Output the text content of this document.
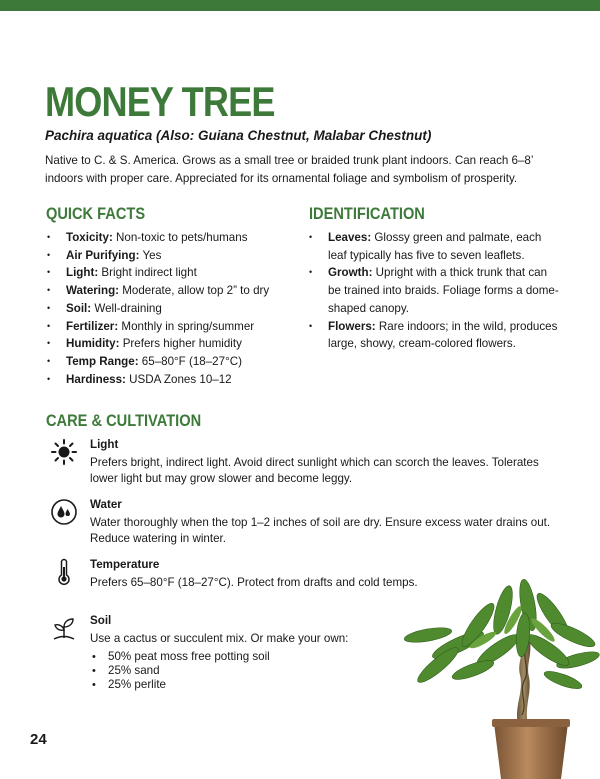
MONEY TREE

Pachira aquatica (Also: Guiana Chestnut, Malabar Chestnut)

Native to C. & S. America. Grows as a small tree or braided trunk plant indoors. Can reach 6–8’ indoors with proper care. Appreciated for its ornamental foliage and symbolism of prosperity.

QUICK FACTS
• Toxicity: Non-toxic to pets/humans
• Air Purifying: Yes
• Light: Bright indirect light
• Watering: Moderate, allow top 2” to dry
• Soil: Well-draining
• Fertilizer: Monthly in spring/summer
• Humidity: Prefers higher humidity
• Temp Range: 65–80°F (18–27°C)
• Hardiness: USDA Zones 10–12
IDENTIFICATION
• Leaves: Glossy green and palmate, each leaf typically has five to seven leaflets.
• Growth: Upright with a thick trunk that can be trained into braids. Foliage forms a dome-shaped canopy.
• Flowers: Rare indoors; in the wild, produces large, showy, cream-colored flowers.
CARE & CULTIVATION

Light

Prefers bright, indirect light. Avoid direct sunlight which can scorch the leaves. Tolerates lower light but may grow slower and become leggy.

Water

Water thoroughly when the top 1–2 inches of soil are dry. Ensure excess water drains out. Reduce watering in winter.

Temperature

Prefers 65–80°F (18–27°C). Protect from drafts and cold temps.

Soil

Use a cactus or succulent mix. Or make your own:

• 50% peat moss free potting soil
• 25% sand
• 25% perlite

24
